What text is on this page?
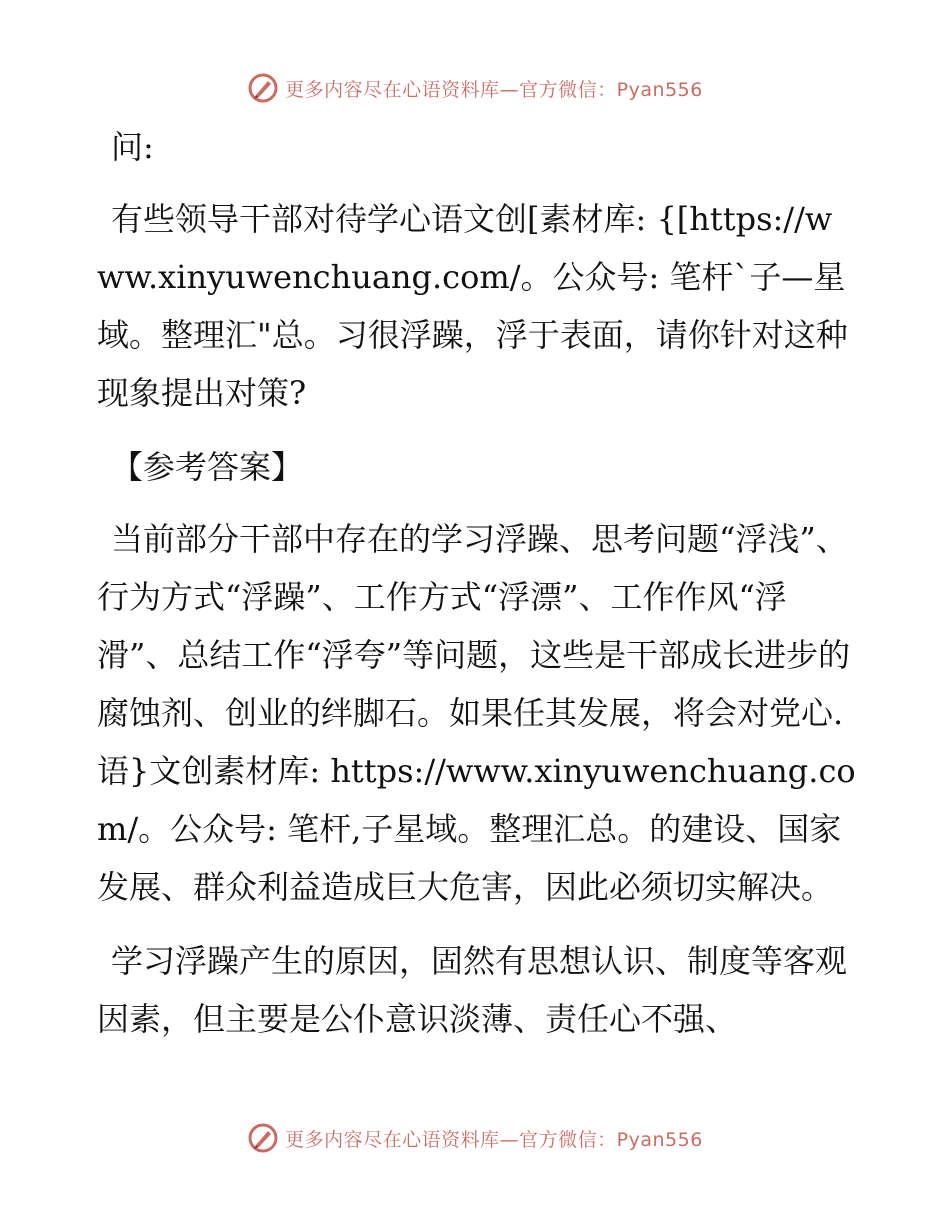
更多内容尽在心语资料库—官方微信：Pyan556

问:

有些领导干部对待学心语文创[素材库: {[https://www.xinyuwenchuang.com/。公众号: 笔杆`子—星域。整理汇"总。习很浮躁，浮于表面，请你针对这种现象提出对策?

【参考答案】

当前部分干部中存在的学习浮躁、思考问题“浮浅”、行为方式“浮躁”、工作方式“浮漂”、工作作风“浮滑”、总结工作“浮夸”等问题，这些是干部成长进步的腐蚀剂、创业的绊脚石。如果任其发展，将会对党心.语}文创素材库: https://www.xinyuwenchuang.com/。公众号: 笔杆,子星域。整理汇总。的建设、国家发展、群众利益造成巨大危害，因此必须切实解决。

学习浮躁产生的原因，固然有思想认识、制度等客观因素，但主要是公仆意识淡薄、责任心不强、

更多内容尽在心语资料库—官方微信：Pyan556
